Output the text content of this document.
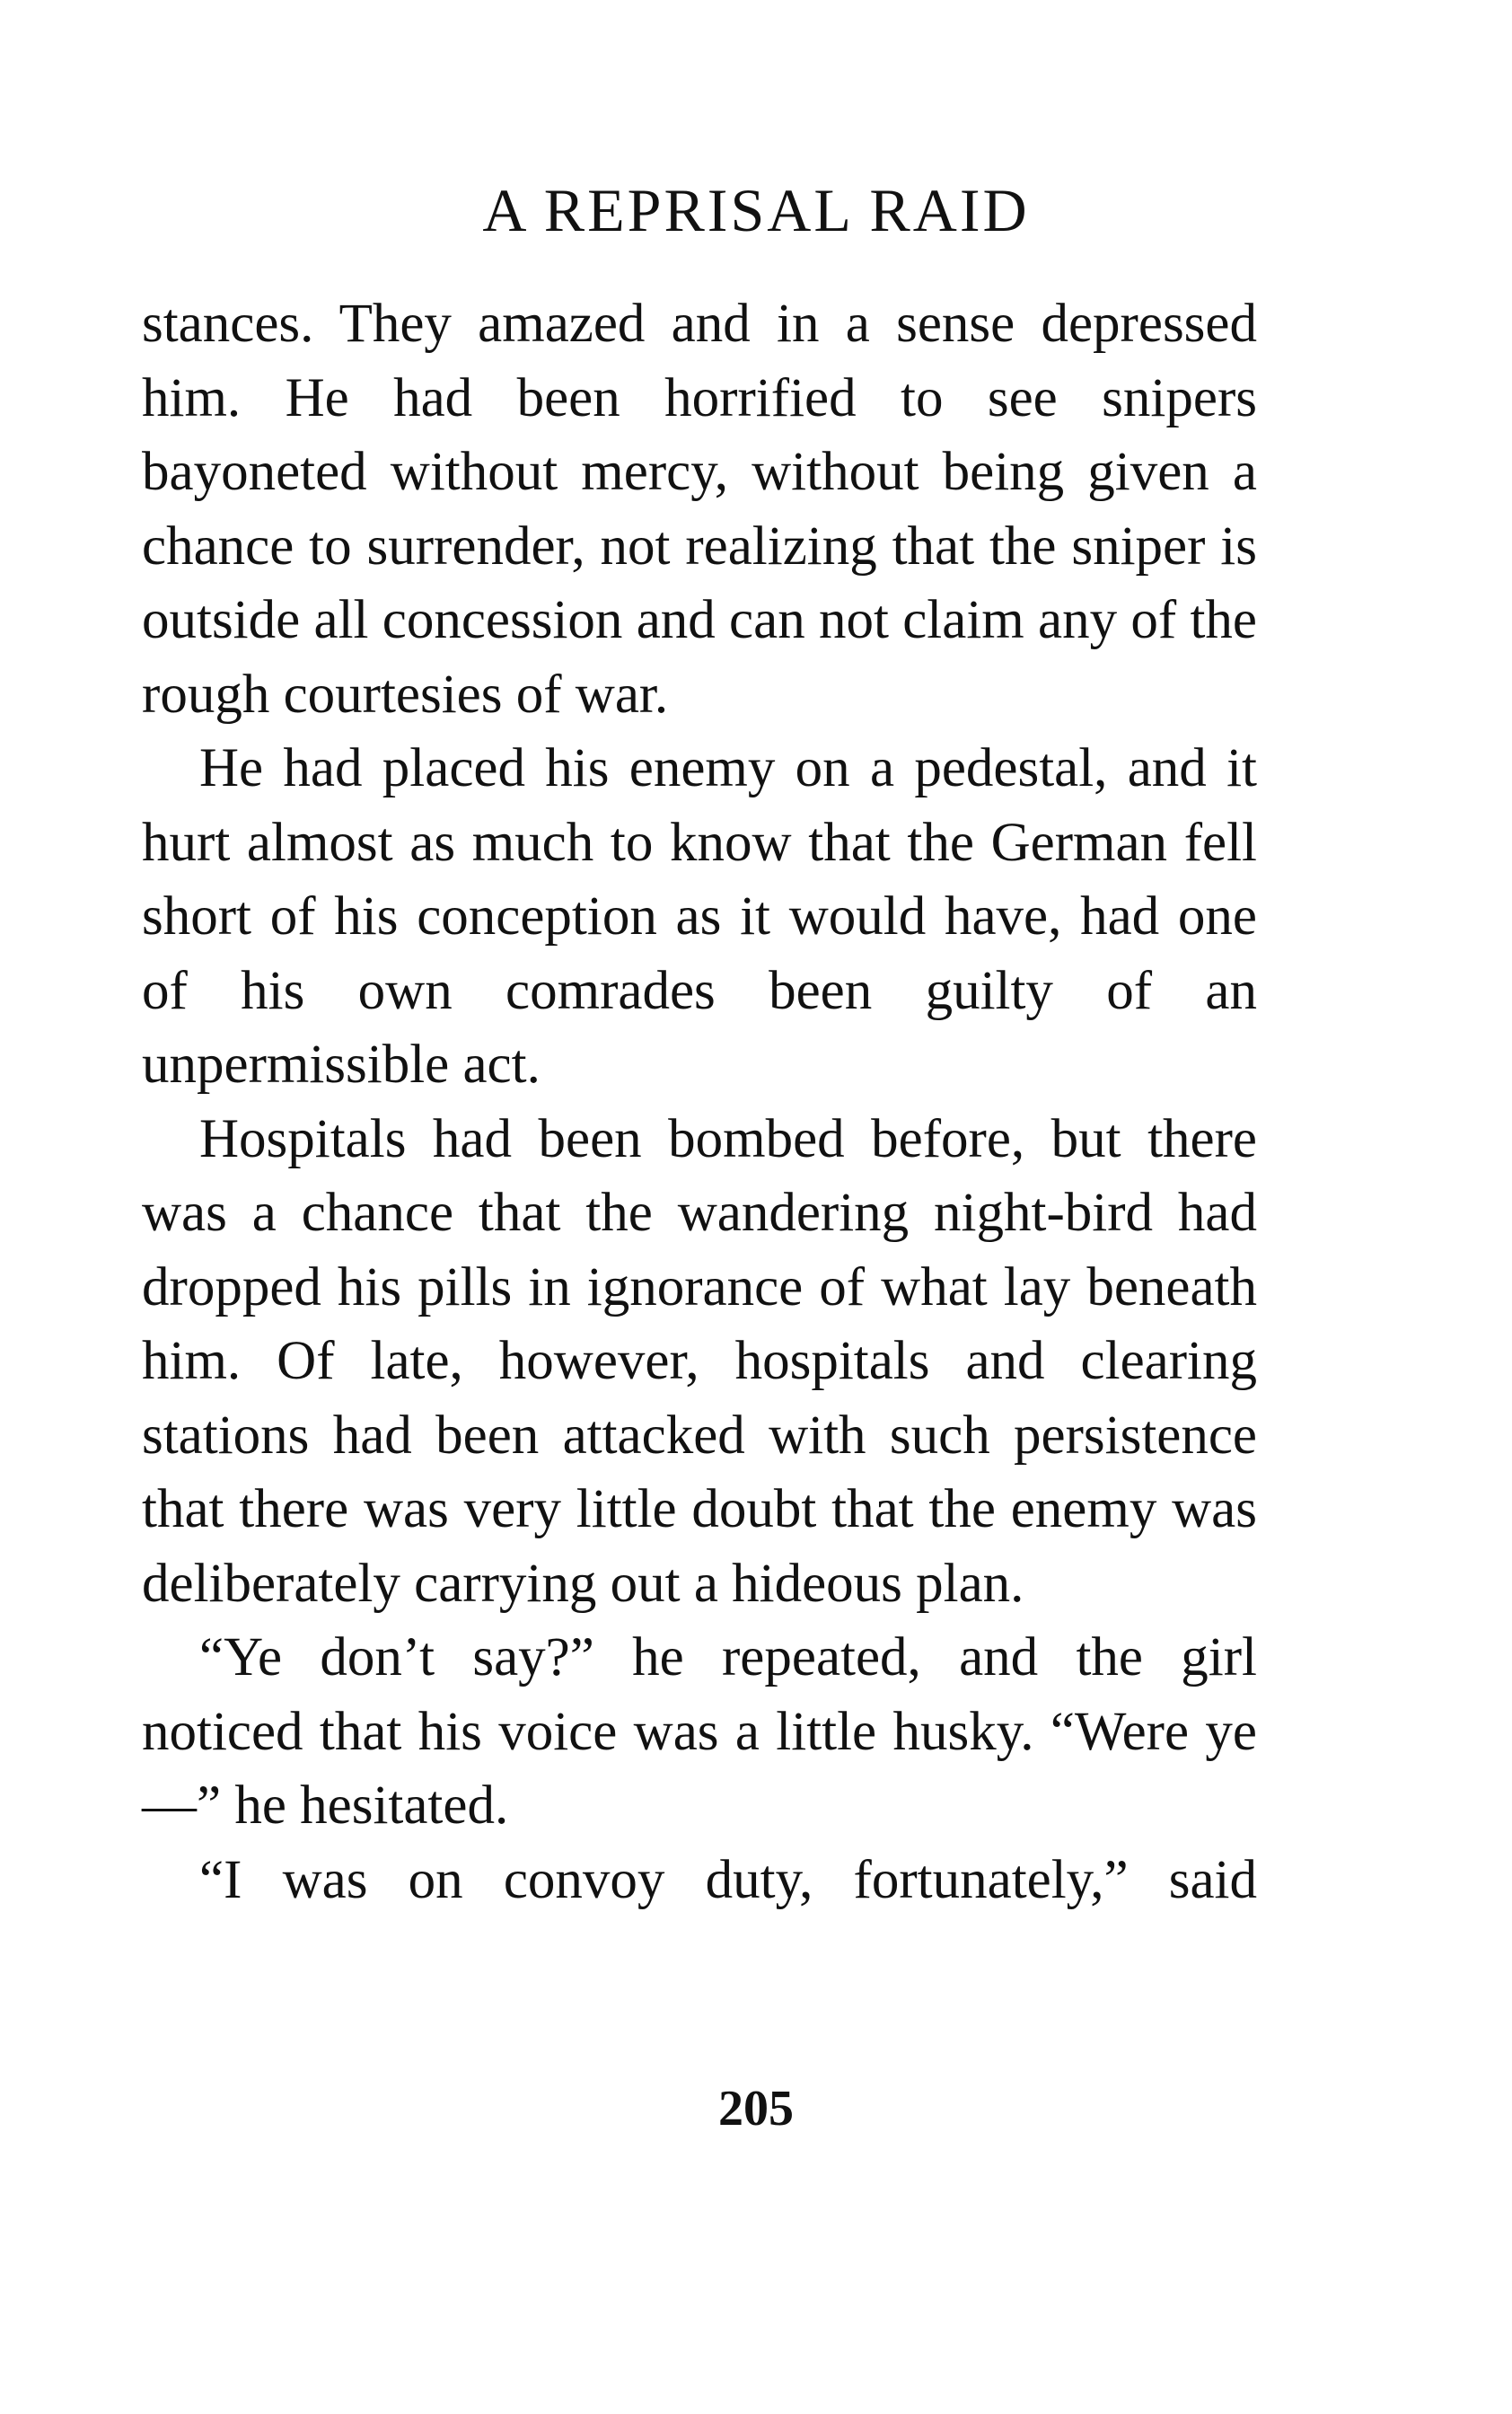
A REPRISAL RAID

stances. They amazed and in a sense depressed him. He had been horrified to see snipers bayoneted without mercy, without being given a chance to surrender, not realizing that the sniper is outside all concession and can not claim any of the rough courtesies of war.

He had placed his enemy on a pedestal, and it hurt almost as much to know that the German fell short of his conception as it would have, had one of his own comrades been guilty of an unpermissible act.

Hospitals had been bombed before, but there was a chance that the wandering night-bird had dropped his pills in ignorance of what lay beneath him. Of late, however, hospitals and clearing stations had been attacked with such persistence that there was very little doubt that the enemy was deliberately carrying out a hideous plan.

“Ye don’t say?” he repeated, and the girl noticed that his voice was a little husky. “Were ye—” he hesitated.

“I was on convoy duty, fortunately,” said

205
